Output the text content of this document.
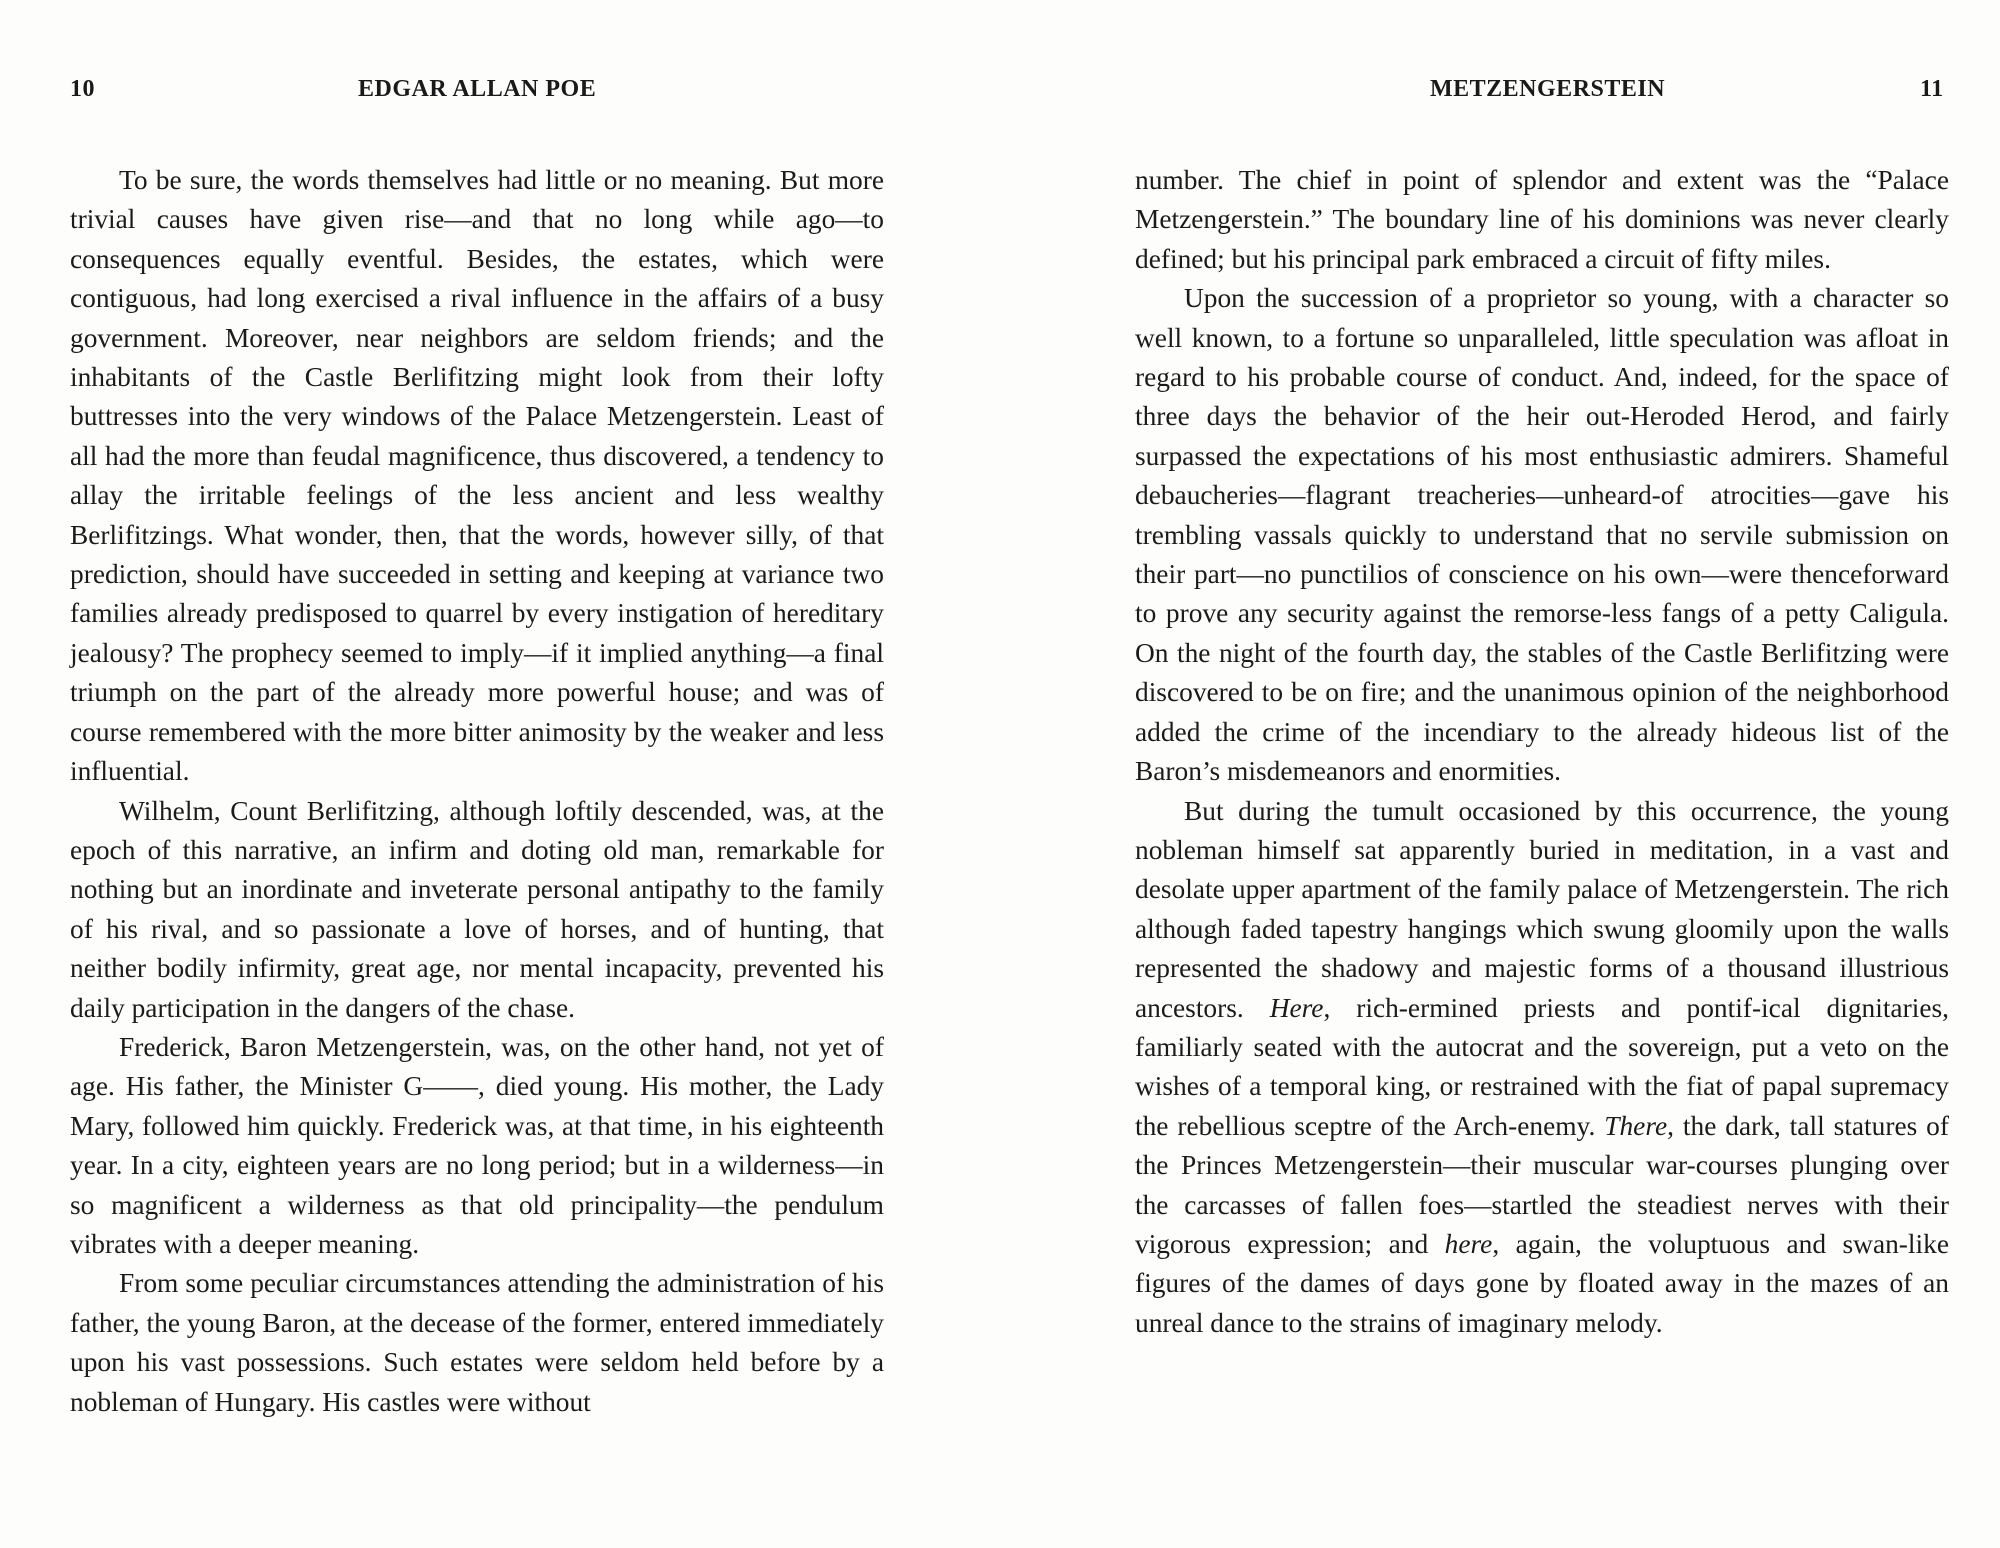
10	EDGAR ALLAN POE

To be sure, the words themselves had little or no meaning. But more trivial causes have given rise—and that no long while ago—to consequences equally eventful. Besides, the estates, which were contiguous, had long exercised a rival influence in the affairs of a busy government. Moreover, near neighbors are seldom friends; and the inhabitants of the Castle Berlifitzing might look from their lofty buttresses into the very windows of the Palace Metzengerstein. Least of all had the more than feudal magnificence, thus discovered, a tendency to allay the irritable feelings of the less ancient and less wealthy Berlifitzings. What wonder, then, that the words, however silly, of that prediction, should have succeeded in setting and keeping at variance two families already predisposed to quarrel by every instigation of hereditary jealousy? The prophecy seemed to imply—if it implied anything—a final triumph on the part of the already more powerful house; and was of course remembered with the more bitter animosity by the weaker and less influential.

Wilhelm, Count Berlifitzing, although loftily descended, was, at the epoch of this narrative, an infirm and doting old man, remarkable for nothing but an inordinate and inveterate personal antipathy to the family of his rival, and so passionate a love of horses, and of hunting, that neither bodily infirmity, great age, nor mental incapacity, prevented his daily participation in the dangers of the chase.

Frederick, Baron Metzengerstein, was, on the other hand, not yet of age. His father, the Minister G——, died young. His mother, the Lady Mary, followed him quickly. Frederick was, at that time, in his eighteenth year. In a city, eighteen years are no long period; but in a wilderness—in so magnificent a wilderness as that old principality—the pendulum vibrates with a deeper meaning.

From some peculiar circumstances attending the administration of his father, the young Baron, at the decease of the former, entered immediately upon his vast possessions. Such estates were seldom held before by a nobleman of Hungary. His castles were without

METZENGERSTEIN	11

number. The chief in point of splendor and extent was the “Palace Metzengerstein.” The boundary line of his dominions was never clearly defined; but his principal park embraced a circuit of fifty miles.

Upon the succession of a proprietor so young, with a character so well known, to a fortune so unparalleled, little speculation was afloat in regard to his probable course of conduct. And, indeed, for the space of three days the behavior of the heir out-Heroded Herod, and fairly surpassed the expectations of his most enthusiastic admirers. Shameful debaucheries—flagrant treacheries—unheard-of atrocities—gave his trembling vassals quickly to understand that no servile submission on their part—no punctilios of conscience on his own—were thenceforward to prove any security against the remorse-less fangs of a petty Caligula. On the night of the fourth day, the stables of the Castle Berlifitzing were discovered to be on fire; and the unanimous opinion of the neighborhood added the crime of the incendiary to the already hideous list of the Baron’s misdemeanors and enormities.

But during the tumult occasioned by this occurrence, the young nobleman himself sat apparently buried in meditation, in a vast and desolate upper apartment of the family palace of Metzengerstein. The rich although faded tapestry hangings which swung gloomily upon the walls represented the shadowy and majestic forms of a thousand illustrious ancestors. Here, rich-ermined priests and pontif-ical dignitaries, familiarly seated with the autocrat and the sovereign, put a veto on the wishes of a temporal king, or restrained with the fiat of papal supremacy the rebellious sceptre of the Arch-enemy. There, the dark, tall statures of the Princes Metzengerstein—their muscular war-courses plunging over the carcasses of fallen foes—startled the steadiest nerves with their vigorous expression; and here, again, the voluptuous and swan-like figures of the dames of days gone by floated away in the mazes of an unreal dance to the strains of imaginary melody.
